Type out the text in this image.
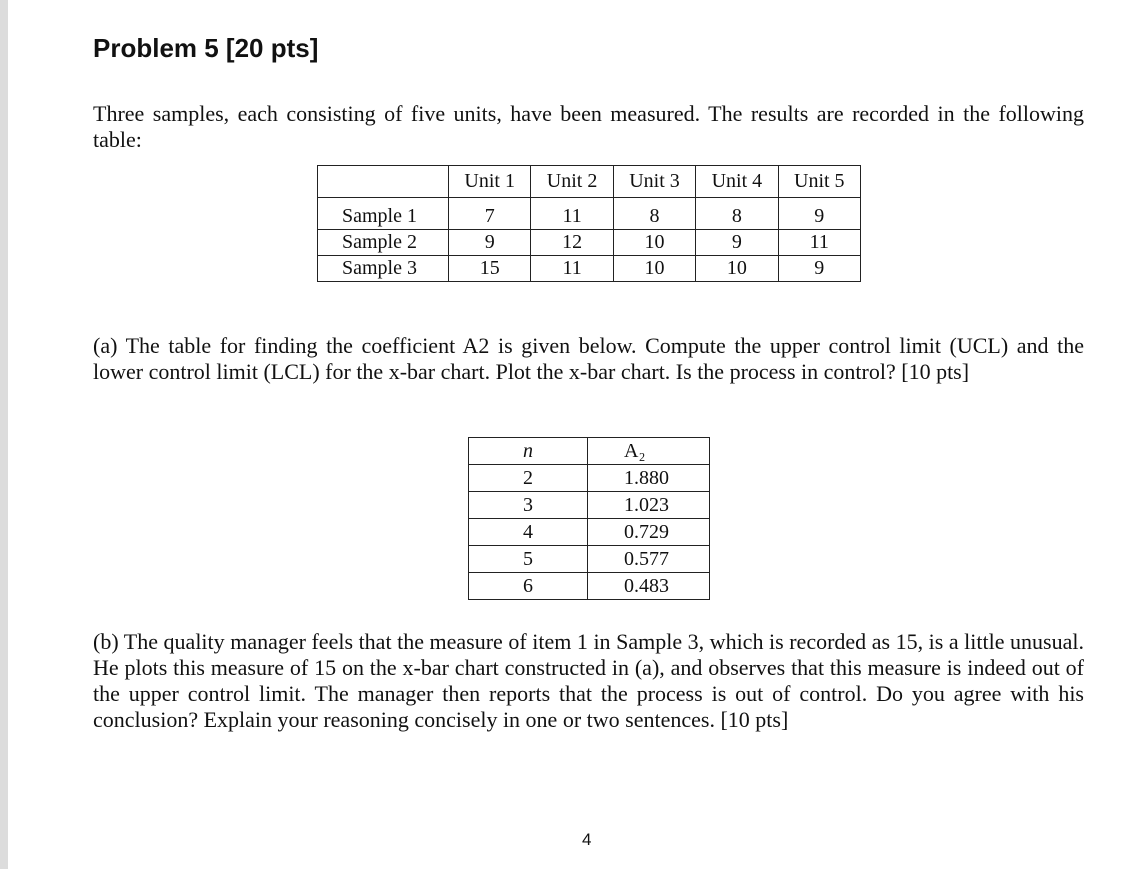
Problem 5 [20 pts]

Three samples, each consisting of five units, have been measured. The results are recorded in the following table:

	Unit 1	Unit 2	Unit 3	Unit 4	Unit 5

Sample 1	7	11	8	8	9
Sample 2	9	12	10	9	11
Sample 3	15	11	10	10	9

(a) The table for finding the coefficient A2 is given below. Compute the upper control limit (UCL) and the lower control limit (LCL) for the x-bar chart. Plot the x-bar chart. Is the process in control? [10 pts]

n	A₂
2	1.880
3	1.023
4	0.729
5	0.577
6	0.483

(b) The quality manager feels that the measure of item 1 in Sample 3, which is recorded as 15, is a little unusual. He plots this measure of 15 on the x-bar chart constructed in (a), and observes that this measure is indeed out of the upper control limit. The manager then reports that the process is out of control. Do you agree with his conclusion? Explain your reasoning concisely in one or two sentences. [10 pts]

4
